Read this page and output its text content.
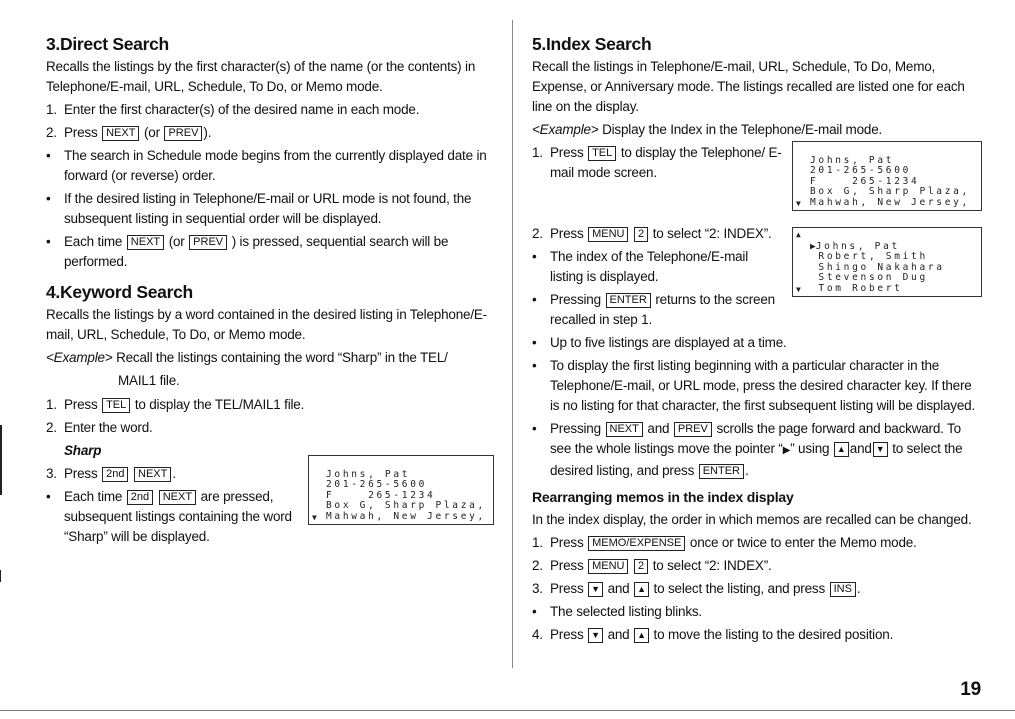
3.Direct Search

Recalls the listings by the first character(s) of the name (or the contents) in Telephone/E-mail, URL, Schedule, To Do, or Memo mode.

1. Enter the first character(s) of the desired name in each mode.
2. Press NEXT (or PREV ).
• The search in Schedule mode begins from the currently displayed date in forward (or reverse) order.
• If the desired listing in Telephone/E-mail or URL mode is not found, the subsequent listing in sequential order will be displayed.
• Each time NEXT (or PREV ) is pressed, sequential search will be performed.
4.Keyword Search

Recalls the listings by a word contained in the desired listing in Telephone/E-mail, URL, Schedule, To Do, or Memo mode.

<Example> Recall the listings containing the word “Sharp” in the TEL/
MAIL1 file.
1. Press TEL to display the TEL/MAIL1 file.
2. Enter the word.
Sharp
3. Press 2nd NEXT .
• Each time 2nd NEXT are pressed, subsequent listings containing the word “Sharp” will be displayed.

▼
Johns, Pat
201-265-5600
F    265-1234
Box G, Sharp Plaza,
Mahwah, New Jersey,
5.Index Search

Recall the listings in Telephone/E-mail, URL, Schedule, To Do, Memo, Expense, or Anniversary mode. The listings recalled are listed one for each line on the display.

<Example> Display the Index in the Telephone/E-mail mode.
1. Press TEL to display the Telephone/ E-mail mode screen.
2. Press MENU 2 to select “2: INDEX”.
• The index of the Telephone/E-mail listing is displayed.
• Pressing ENTER returns to the screen recalled in step 1.
• Up to five listings are displayed at a time.
• To display the first listing beginning with a particular character in the Telephone/E-mail, or URL mode, press the desired character key. If there is no listing for that character, the first subsequent listing will be displayed.
• Pressing NEXT and PREV scrolls the page forward and backward. To see the whole listings move the pointer “▶” using ▲ and ▼ to select the desired listing, and press ENTER .
Rearranging memos in the index display

In the index display, the order in which memos are recalled can be changed.

1. Press MEMO/EXPENSE once or twice to enter the Memo mode.
2. Press MENU 2 to select “2: INDEX”.
3. Press ▼ and ▲ to select the listing, and press INS .
• The selected listing blinks.
4. Press ▼ and ▲ to move the listing to the desired position.

▼
Johns, Pat
201-265-5600
F    265-1234
Box G, Sharp Plaza,
Mahwah, New Jersey,

▲
▼
▶Johns, Pat
Robert, Smith
Shingo Nakahara
Stevenson Dug
Tom Robert
19
